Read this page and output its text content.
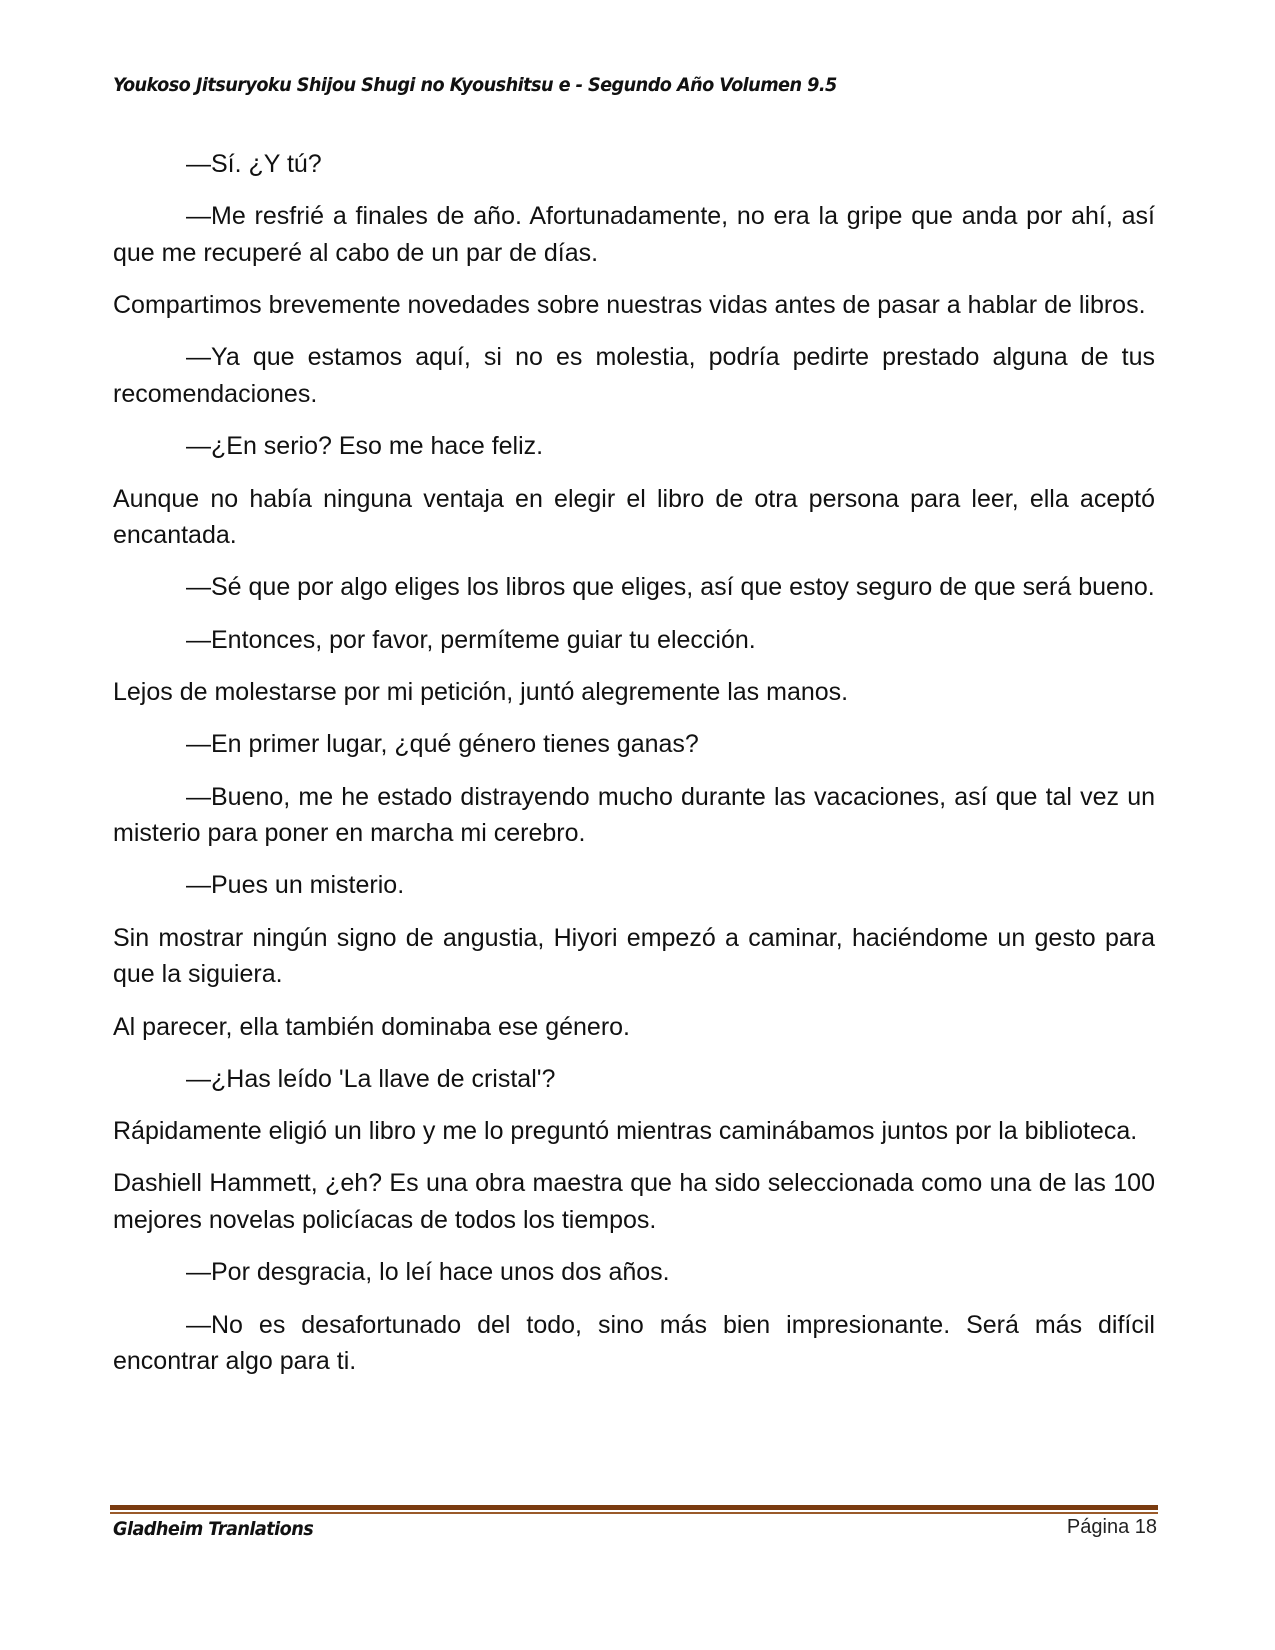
Youkoso Jitsuryoku Shijou Shugi no Kyoushitsu e - Segundo Año Volumen 9.5

—Sí. ¿Y tú?

—Me resfrié a finales de año. Afortunadamente, no era la gripe que anda por ahí, así que me recuperé al cabo de un par de días.

Compartimos brevemente novedades sobre nuestras vidas antes de pasar a hablar de libros.

—Ya que estamos aquí, si no es molestia, podría pedirte prestado alguna de tus recomendaciones.

—¿En serio? Eso me hace feliz.

Aunque no había ninguna ventaja en elegir el libro de otra persona para leer, ella aceptó encantada.

—Sé que por algo eliges los libros que eliges, así que estoy seguro de que será bueno.

—Entonces, por favor, permíteme guiar tu elección.

Lejos de molestarse por mi petición, juntó alegremente las manos.

—En primer lugar, ¿qué género tienes ganas?

—Bueno, me he estado distrayendo mucho durante las vacaciones, así que tal vez un misterio para poner en marcha mi cerebro.

—Pues un misterio.

Sin mostrar ningún signo de angustia, Hiyori empezó a caminar, haciéndome un gesto para que la siguiera.

Al parecer, ella también dominaba ese género.

—¿Has leído 'La llave de cristal'?

Rápidamente eligió un libro y me lo preguntó mientras caminábamos juntos por la biblioteca.

Dashiell Hammett, ¿eh? Es una obra maestra que ha sido seleccionada como una de las 100 mejores novelas policíacas de todos los tiempos.

—Por desgracia, lo leí hace unos dos años.

—No es desafortunado del todo, sino más bien impresionante. Será más difícil encontrar algo para ti.

Gladheim Tranlations	Página 18
